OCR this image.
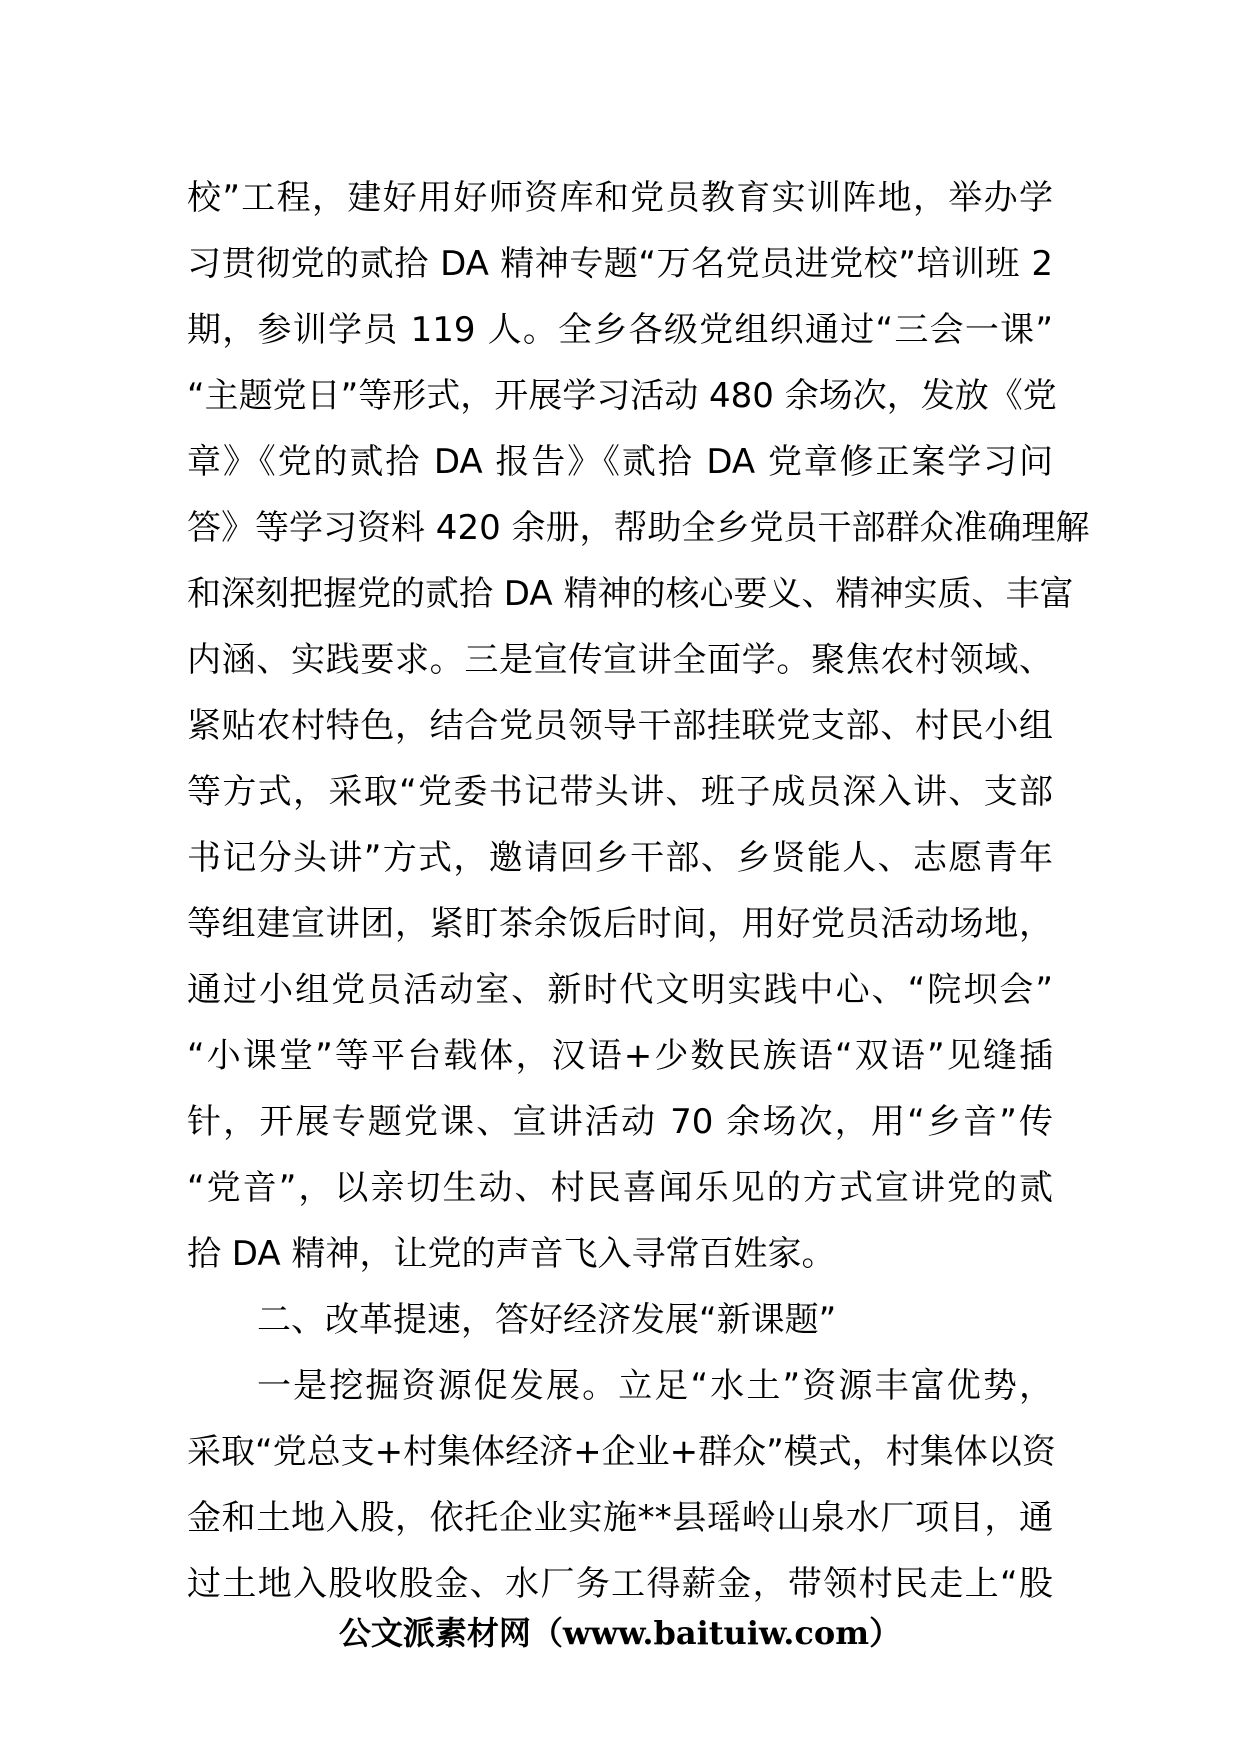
校”工程，建好用好师资库和党员教育实训阵地，举办学
习贯彻党的贰拾 DA 精神专题“万名党员进党校”培训班 2
期，参训学员 119 人。全乡各级党组织通过“三会一课”
“主题党日”等形式，开展学习活动 480 余场次，发放《党
章》《党的贰拾 DA 报告》《贰拾 DA 党章修正案学习问
答》等学习资料 420 余册，帮助全乡党员干部群众准确理解
和深刻把握党的贰拾 DA 精神的核心要义、精神实质、丰富
内涵、实践要求。三是宣传宣讲全面学。聚焦农村领域、
紧贴农村特色，结合党员领导干部挂联党支部、村民小组
等方式，采取“党委书记带头讲、班子成员深入讲、支部
书记分头讲”方式，邀请回乡干部、乡贤能人、志愿青年
等组建宣讲团，紧盯茶余饭后时间，用好党员活动场地，
通过小组党员活动室、新时代文明实践中心、“院坝会”
“小课堂”等平台载体，汉语+少数民族语“双语”见缝插
针，开展专题党课、宣讲活动 70 余场次，用“乡音”传
“党音”，以亲切生动、村民喜闻乐见的方式宣讲党的贰
拾 DA 精神，让党的声音飞入寻常百姓家。
二、改革提速，答好经济发展“新课题”
一是挖掘资源促发展。立足“水土”资源丰富优势，
采取“党总支+村集体经济+企业+群众”模式，村集体以资
金和土地入股，依托企业实施**县瑶岭山泉水厂项目，通
过土地入股收股金、水厂务工得薪金，带领村民走上“股
公文派素材网（www.baituiw.com）
